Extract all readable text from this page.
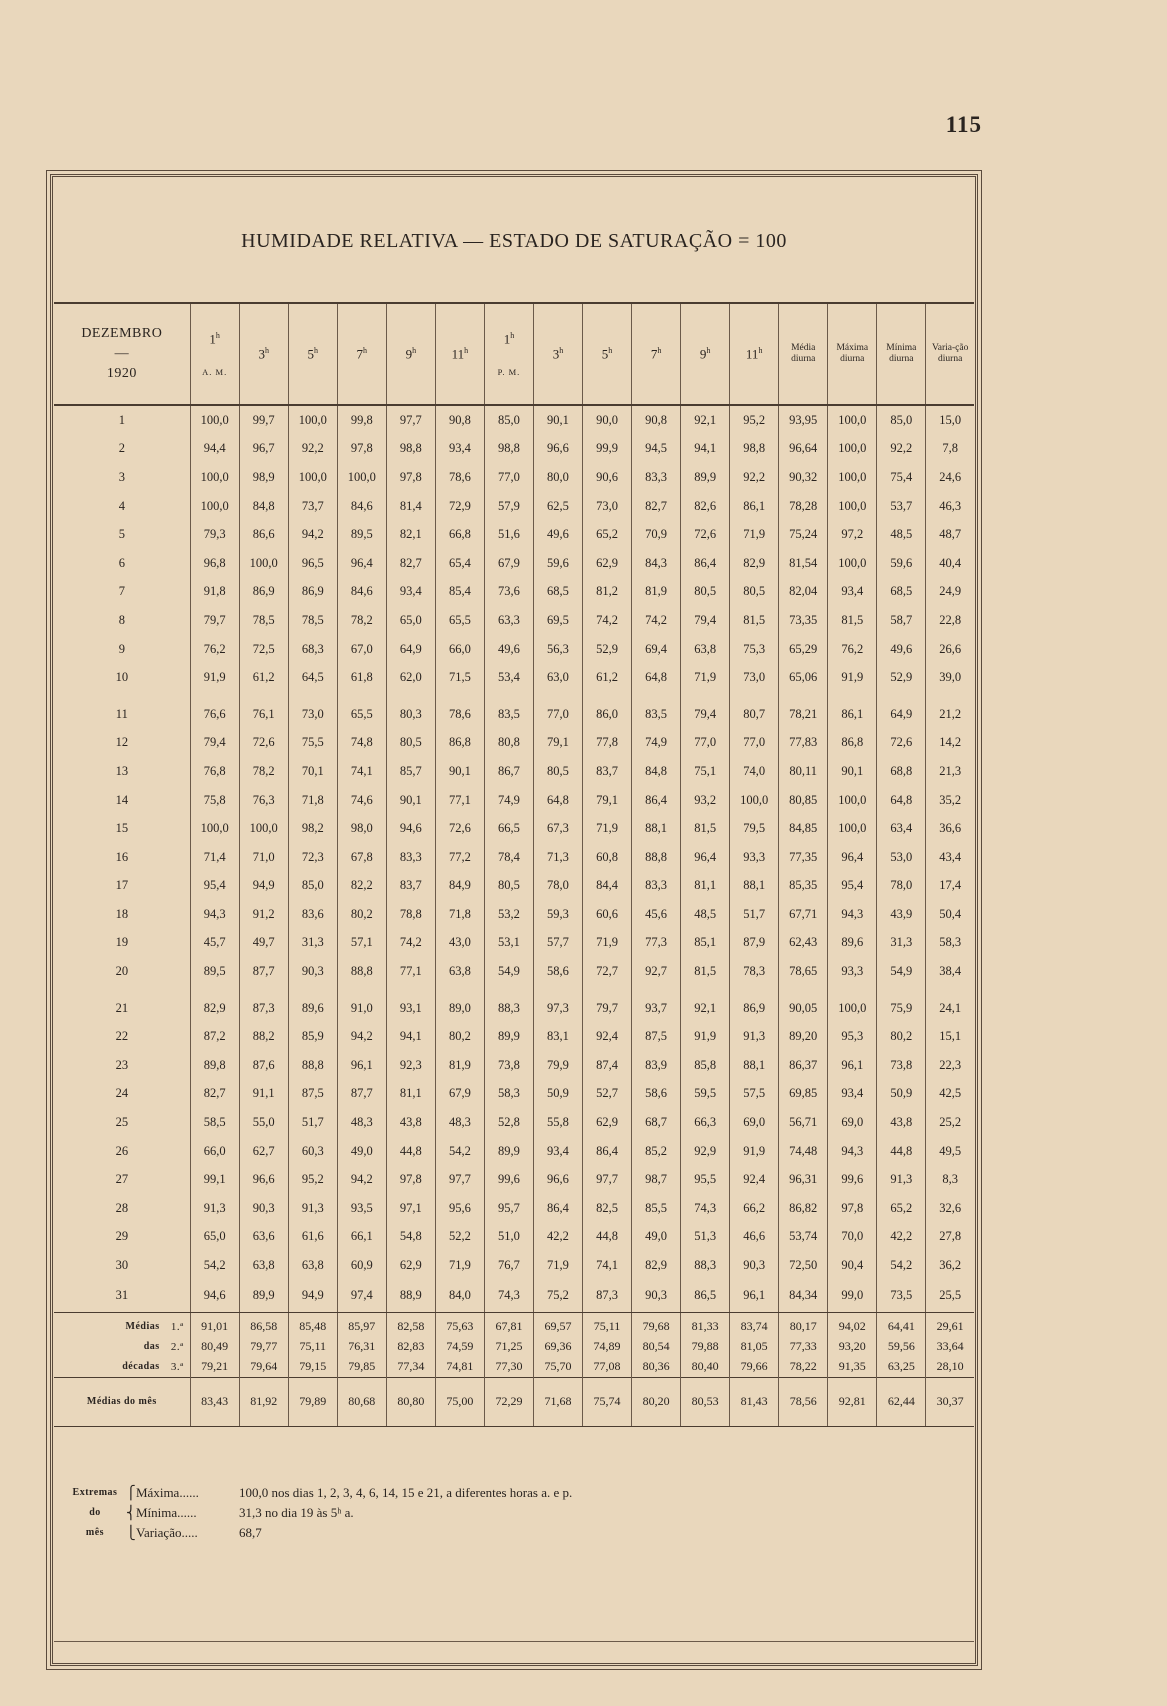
115
HUMIDADE RELATIVA — ESTADO DE SATURAÇÃO = 100
DEZEMBRO
—
1920	1$^h$
A. M.	3$^h$	5$^h$	7$^h$	9$^h$	11$^h$	1$^h$
P. M.	3$^h$	5$^h$	7$^h$	9$^h$	11$^h$	Média diurna	Máxima diurna	Mínima diurna	Varia-ção diurna
1	100,0	99,7	100,0	99,8	97,7	90,8	85,0	90,1	90,0	90,8	92,1	95,2	93,95	100,0	85,0	15,0
2	94,4	96,7	92,2	97,8	98,8	93,4	98,8	96,6	99,9	94,5	94,1	98,8	96,64	100,0	92,2	7,8
3	100,0	98,9	100,0	100,0	97,8	78,6	77,0	80,0	90,6	83,3	89,9	92,2	90,32	100,0	75,4	24,6
4	100,0	84,8	73,7	84,6	81,4	72,9	57,9	62,5	73,0	82,7	82,6	86,1	78,28	100,0	53,7	46,3
5	79,3	86,6	94,2	89,5	82,1	66,8	51,6	49,6	65,2	70,9	72,6	71,9	75,24	97,2	48,5	48,7
6	96,8	100,0	96,5	96,4	82,7	65,4	67,9	59,6	62,9	84,3	86,4	82,9	81,54	100,0	59,6	40,4
7	91,8	86,9	86,9	84,6	93,4	85,4	73,6	68,5	81,2	81,9	80,5	80,5	82,04	93,4	68,5	24,9
8	79,7	78,5	78,5	78,2	65,0	65,5	63,3	69,5	74,2	74,2	79,4	81,5	73,35	81,5	58,7	22,8
9	76,2	72,5	68,3	67,0	64,9	66,0	49,6	56,3	52,9	69,4	63,8	75,3	65,29	76,2	49,6	26,6
10	91,9	61,2	64,5	61,8	62,0	71,5	53,4	63,0	61,2	64,8	71,9	73,0	65,06	91,9	52,9	39,0
11	76,6	76,1	73,0	65,5	80,3	78,6	83,5	77,0	86,0	83,5	79,4	80,7	78,21	86,1	64,9	21,2
12	79,4	72,6	75,5	74,8	80,5	86,8	80,8	79,1	77,8	74,9	77,0	77,0	77,83	86,8	72,6	14,2
13	76,8	78,2	70,1	74,1	85,7	90,1	86,7	80,5	83,7	84,8	75,1	74,0	80,11	90,1	68,8	21,3
14	75,8	76,3	71,8	74,6	90,1	77,1	74,9	64,8	79,1	86,4	93,2	100,0	80,85	100,0	64,8	35,2
15	100,0	100,0	98,2	98,0	94,6	72,6	66,5	67,3	71,9	88,1	81,5	79,5	84,85	100,0	63,4	36,6
16	71,4	71,0	72,3	67,8	83,3	77,2	78,4	71,3	60,8	88,8	96,4	93,3	77,35	96,4	53,0	43,4
17	95,4	94,9	85,0	82,2	83,7	84,9	80,5	78,0	84,4	83,3	81,1	88,1	85,35	95,4	78,0	17,4
18	94,3	91,2	83,6	80,2	78,8	71,8	53,2	59,3	60,6	45,6	48,5	51,7	67,71	94,3	43,9	50,4
19	45,7	49,7	31,3	57,1	74,2	43,0	53,1	57,7	71,9	77,3	85,1	87,9	62,43	89,6	31,3	58,3
20	89,5	87,7	90,3	88,8	77,1	63,8	54,9	58,6	72,7	92,7	81,5	78,3	78,65	93,3	54,9	38,4
21	82,9	87,3	89,6	91,0	93,1	89,0	88,3	97,3	79,7	93,7	92,1	86,9	90,05	100,0	75,9	24,1
22	87,2	88,2	85,9	94,2	94,1	80,2	89,9	83,1	92,4	87,5	91,9	91,3	89,20	95,3	80,2	15,1
23	89,8	87,6	88,8	96,1	92,3	81,9	73,8	79,9	87,4	83,9	85,8	88,1	86,37	96,1	73,8	22,3
24	82,7	91,1	87,5	87,7	81,1	67,9	58,3	50,9	52,7	58,6	59,5	57,5	69,85	93,4	50,9	42,5
25	58,5	55,0	51,7	48,3	43,8	48,3	52,8	55,8	62,9	68,7	66,3	69,0	56,71	69,0	43,8	25,2
26	66,0	62,7	60,3	49,0	44,8	54,2	89,9	93,4	86,4	85,2	92,9	91,9	74,48	94,3	44,8	49,5
27	99,1	96,6	95,2	94,2	97,8	97,7	99,6	96,6	97,7	98,7	95,5	92,4	96,31	99,6	91,3	8,3
28	91,3	90,3	91,3	93,5	97,1	95,6	95,7	86,4	82,5	85,5	74,3	66,2	86,82	97,8	65,2	32,6
29	65,0	63,6	61,6	66,1	54,8	52,2	51,0	42,2	44,8	49,0	51,3	46,6	53,74	70,0	42,2	27,8
30	54,2	63,8	63,8	60,9	62,9	71,9	76,7	71,9	74,1	82,9	88,3	90,3	72,50	90,4	54,2	36,2
31	94,6	89,9	94,9	97,4	88,9	84,0	74,3	75,2	87,3	90,3	86,5	96,1	84,34	99,0	73,5	25,5
Médias 1.ª	91,01	86,58	85,48	85,97	82,58	75,63	67,81	69,57	75,11	79,68	81,33	83,74	80,17	94,02	64,41	29,61
das 2.ª	80,49	79,77	75,11	76,31	82,83	74,59	71,25	69,36	74,89	80,54	79,88	81,05	77,33	93,20	59,56	33,64
décadas 3.ª	79,21	79,64	79,15	79,85	77,34	74,81	77,30	75,70	77,08	80,36	80,40	79,66	78,22	91,35	63,25	28,10
Médias do mês	83,43	81,92	79,89	80,68	80,80	75,00	72,29	71,68	75,74	80,20	80,53	81,43	78,56	92,81	62,44	30,37
Extremas ⎧ Máxima......	100,0 nos dias 1, 2, 3, 4, 6, 14, 15 e 21, a diferentes horas a. e p.
do	⎨ Mínima......	31,3 no dia 19 às 5ʰ a.
mês	⎩ Variação.....	68,7
